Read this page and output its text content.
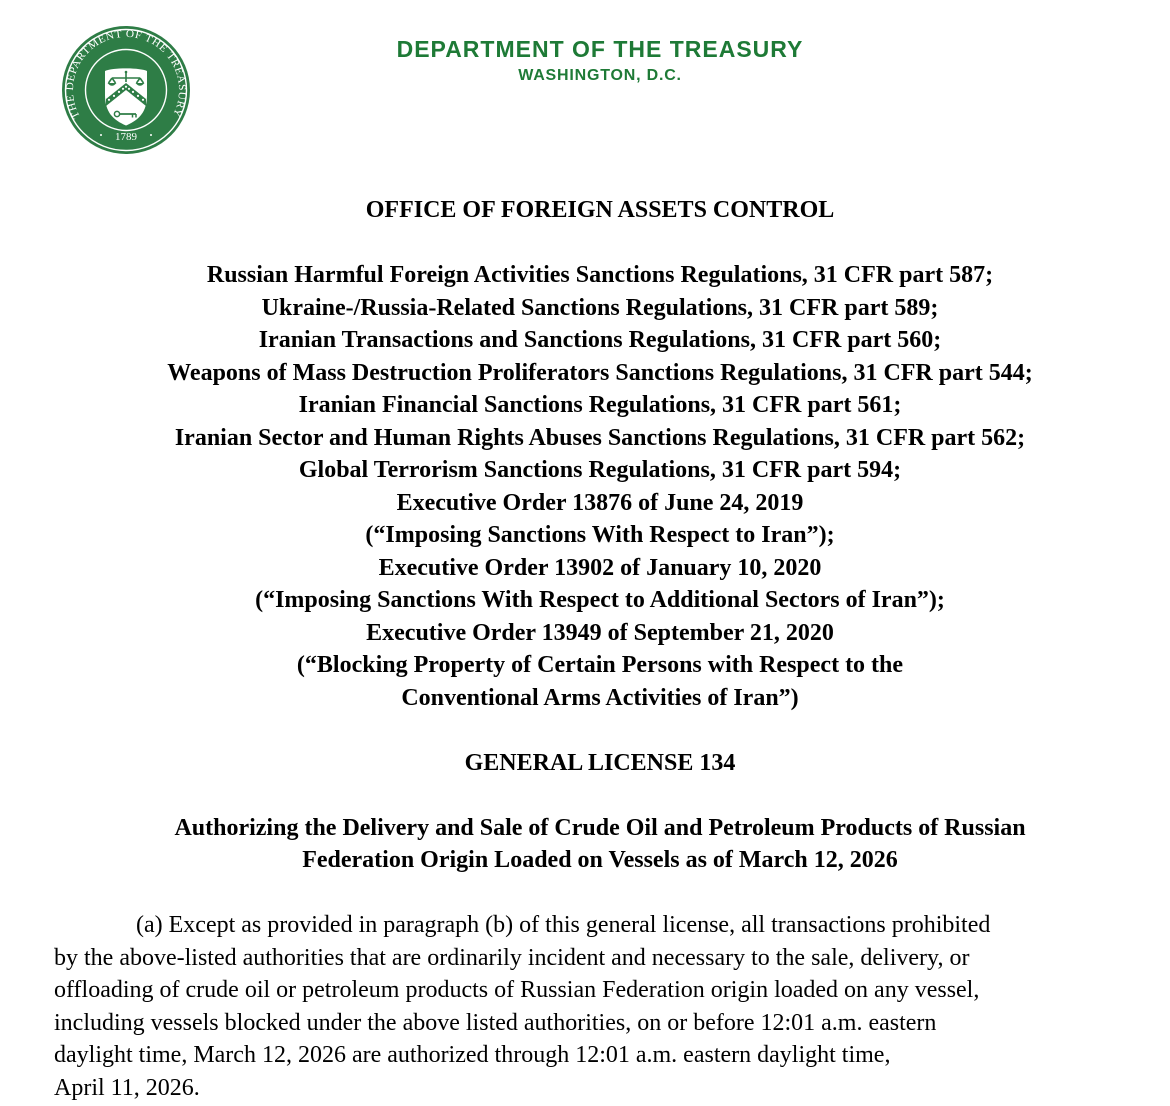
THE DEPARTMENT OF THE TREASURY
1789
DEPARTMENT OF THE TREASURY
WASHINGTON, D.C.
OFFICE OF FOREIGN ASSETS CONTROL
Russian Harmful Foreign Activities Sanctions Regulations, 31 CFR part 587;
Ukraine-/Russia-Related Sanctions Regulations, 31 CFR part 589;
Iranian Transactions and Sanctions Regulations, 31 CFR part 560;
Weapons of Mass Destruction Proliferators Sanctions Regulations, 31 CFR part 544;
Iranian Financial Sanctions Regulations, 31 CFR part 561;
Iranian Sector and Human Rights Abuses Sanctions Regulations, 31 CFR part 562;
Global Terrorism Sanctions Regulations, 31 CFR part 594;
Executive Order 13876 of June 24, 2019
(“Imposing Sanctions With Respect to Iran”);
Executive Order 13902 of January 10, 2020
(“Imposing Sanctions With Respect to Additional Sectors of Iran”);
Executive Order 13949 of September 21, 2020
(“Blocking Property of Certain Persons with Respect to the
Conventional Arms Activities of Iran”)
GENERAL LICENSE 134
Authorizing the Delivery and Sale of Crude Oil and Petroleum Products of Russian
Federation Origin Loaded on Vessels as of March 12, 2026
(a) Except as provided in paragraph (b) of this general license, all transactions prohibited
by the above-listed authorities that are ordinarily incident and necessary to the sale, delivery, or
offloading of crude oil or petroleum products of Russian Federation origin loaded on any vessel,
including vessels blocked under the above listed authorities, on or before 12:01 a.m. eastern
daylight time, March 12, 2026 are authorized through 12:01 a.m. eastern daylight time,
April 11, 2026.
